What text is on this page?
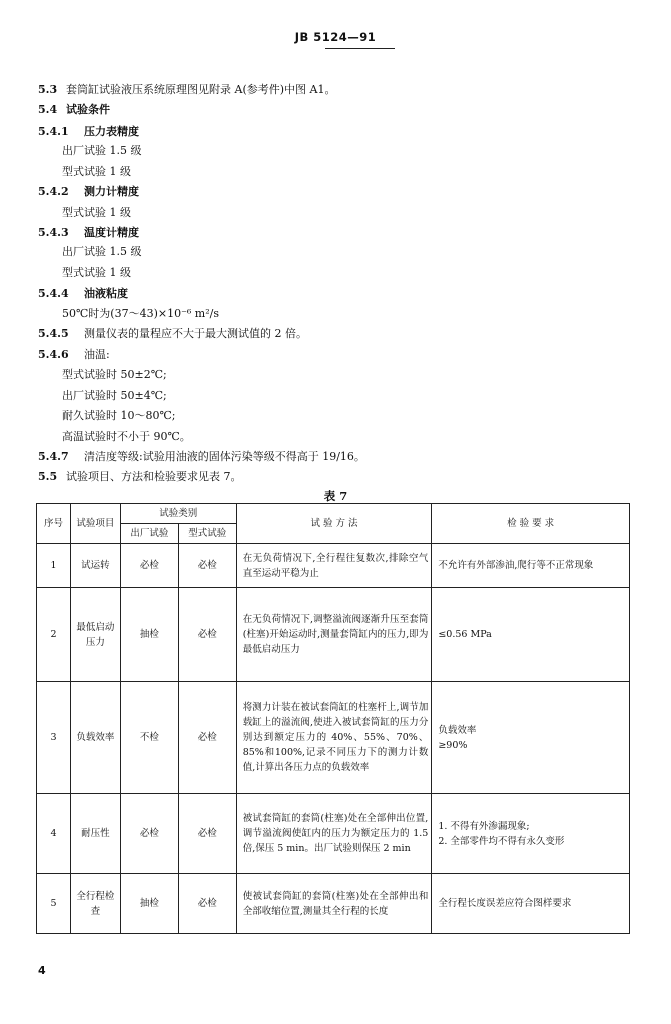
JB 5124—91
5.3 套筒缸试验液压系统原理图见附录 A(参考件)中图 A1。
5.4 试验条件
5.4.1 压力表精度
出厂试验 1.5 级
型式试验 1 级
5.4.2 测力计精度
型式试验 1 级
5.4.3 温度计精度
出厂试验 1.5 级
型式试验 1 级
5.4.4 油液粘度
50℃时为(37～43)×10⁻⁶ m²/s
5.4.5 测量仪表的量程应不大于最大测试值的 2 倍。
5.4.6 油温:
型式试验时 50±2℃;
出厂试验时 50±4℃;
耐久试验时 10～80℃;
高温试验时不小于 90℃。
5.4.7 清洁度等级:试验用油液的固体污染等级不得高于 19/16。
5.5 试验项目、方法和检验要求见表 7。
表 7
序号	试验项目	试验类别		试 验 方 法	检 验 要 求
		出厂试验	型式试验		
1	试运转	必检	必检	在无负荷情况下,全行程往复数次,排除空气直至运动平稳为止	不允许有外部渗油,爬行等不正常现象

2	最低启动压力	抽检	必检	在无负荷情况下,调整溢流阀逐渐升压至套筒(柱塞)开始运动时,测量套筒缸内的压力,即为最低启动压力	≤0.56 MPa

3	负载效率	不检	必检	将测力计装在被试套筒缸的柱塞杆上,调节加载缸上的溢流阀,使进入被试套筒缸的压力分别达到额定压力的 40%、55%、70%、85%和100%,记录不同压力下的测力计数值,计算出各压力点的负载效率	负载效率
≥90%

4	耐压性	必检	必检	被试套筒缸的套筒(柱塞)处在全部伸出位置,调节溢流阀使缸内的压力为额定压力的 1.5 倍,保压 5 min。出厂试验则保压 2 min	1. 不得有外渗漏现象;
2. 全部零件均不得有永久变形

5	全行程检查	抽检	必检	使被试套筒缸的套筒(柱塞)处在全部伸出和全部收缩位置,测量其全行程的长度	全行程长度误差应符合图样要求
4
